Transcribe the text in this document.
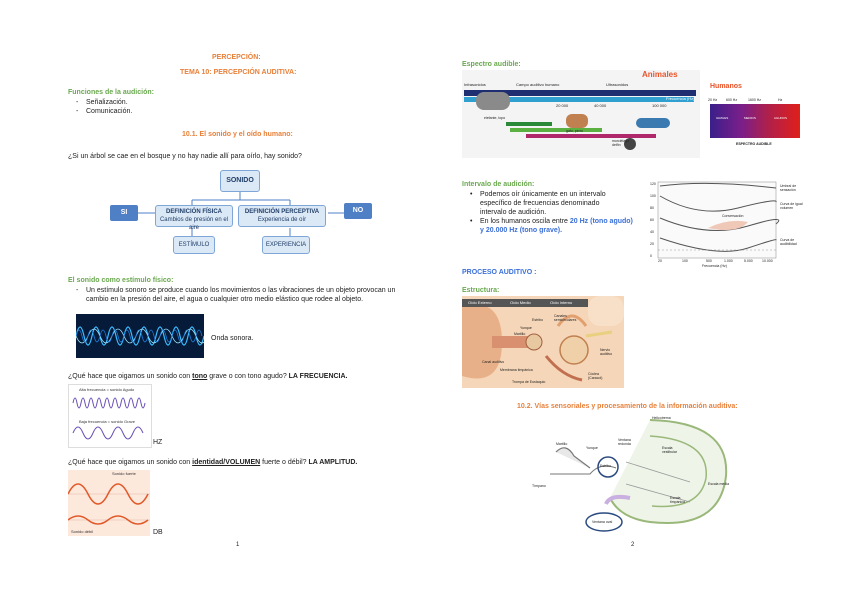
PERCEPCIÓN:
TEMA 10: PERCEPCIÓN AUDITIVA:
Funciones de la audición:
- Señalización.
- Comunicación.
10.1. El sonido y el oído humano:
¿Si un árbol se cae en el bosque y no hay nadie allí para oírlo, hay sonido?
SONIDO
SI	NO
DEFINICIÓN FÍSICA
Cambios de presión en el aire
DEFINICIÓN PERCEPTIVA
Experiencia de oír
ESTÍMULO	EXPERIENCIA
El sonido como estímulo físico:
- Un estímulo sonoro se produce cuando los movimientos o las vibraciones de un objeto provocan un
cambio en la presión del aire, el agua o cualquier otro medio elástico que rodee al objeto.
Onda sonora.
¿Qué hace que oigamos un sonido con tono grave o con tono agudo? LA FRECUENCIA.
Alta frecuencia = sonido Agudo
Baja frecuencia = sonido Grave
HZ
¿Qué hace que oigamos un sonido con identidad/VOLUMEN fuerte o débil? LA AMPLITUD.
Sonido fuerte
Sonido débil	DB
1
Espectro audible:
Animales
Infrasonidos	Campo auditivo humano	Ultrasonidos
20 000	40 000	100 000
Frecuencia (Hz)
elefante, topo
gato, perro
murciélago delfín
Humanos
20 Hz	600 Hz	1600 Hz	Hz
GRAVES	MEDIOS	AGUDOS
ESPECTRO AUDIBLE
Intervalo de audición:
• Podemos oír únicamente en un intervalo
específico de frecuencias denominado
intervalo de audición.
• En los humanos oscila entre 20 Hz (tono agudo)
y 20.000 Hz (tono grave).
120
100
80
60
40
20
0
20	100	500	1.000	5.000	10.000
Frecuencia (Hz)
Umbral de sensación
Curva de igual volumen
Conversación
Curva de audibilidad
PROCESO AUDITIVO :
Estructura:
Oído Externo	Oído Medio	Oído Interno
Estribo
Yunque
Martillo
Canales semicirculares
Nervio auditivo
Canal auditivo
Membrana timpánica
Trompa de Eustaquio
Cóclea (Caracol)
10.2. Vías sensoriales y procesamiento de la información auditiva:
Martillo
Yunque
Ventana redonda
Estribo
Tímpano
Escala vestibular
Helicotrema
Escala media
Escala timpánica
Ventana oval
2
